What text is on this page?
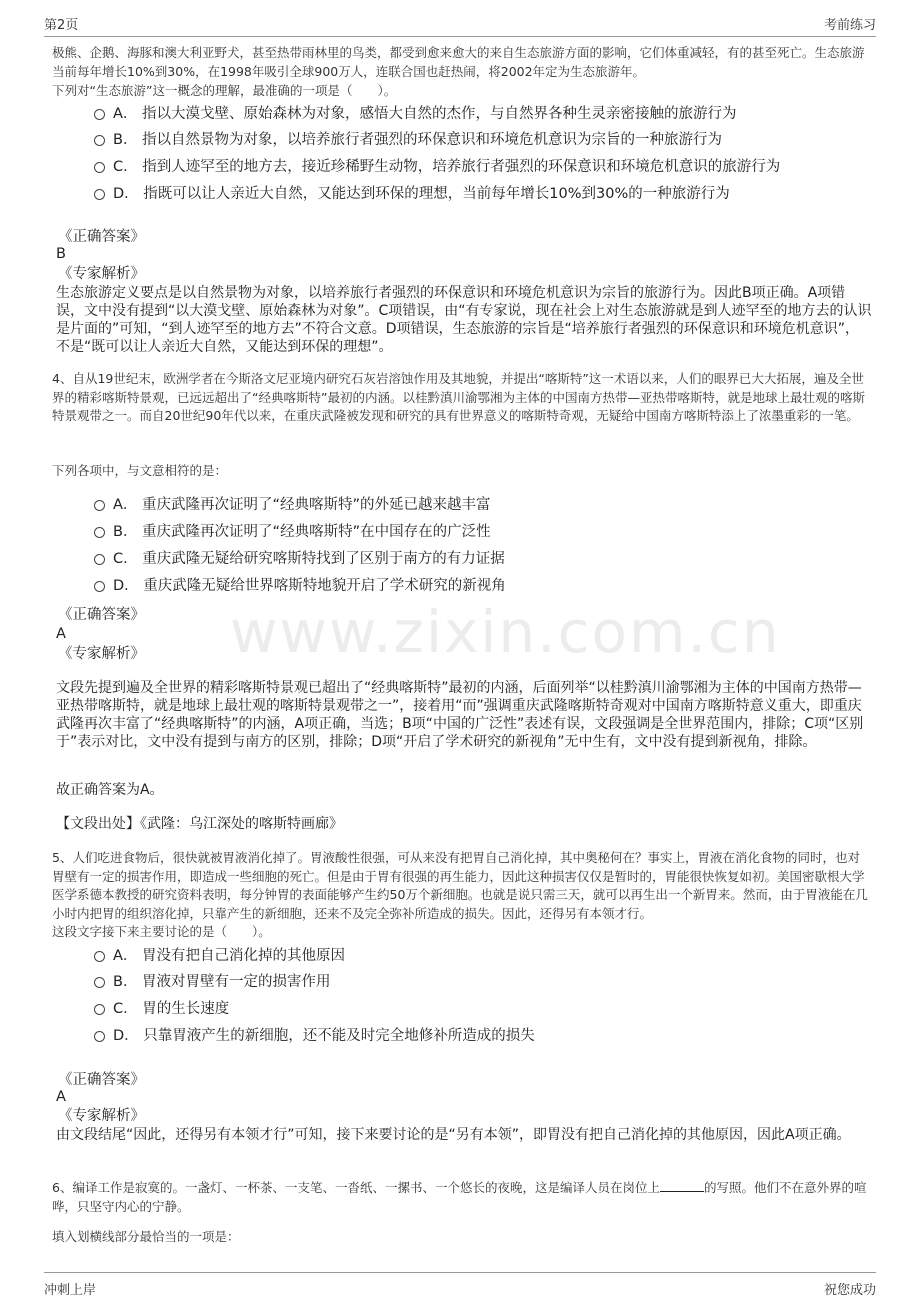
第2页	考前练习
www.zixin.com.cn
极熊、企鹅、海豚和澳大利亚野犬，甚至热带雨林里的鸟类，都受到愈来愈大的来自生态旅游方面的影响，它们体重减轻，有的甚至死亡。生态旅游当前每年增长10%到30%，在1998年吸引全球900万人，连联合国也赶热闹，将2002年定为生态旅游年。
下列对“生态旅游”这一概念的理解，最准确的一项是（　　）。
A． 指以大漠戈壁、原始森林为对象，感悟大自然的杰作，与自然界各种生灵亲密接触的旅游行为
B． 指以自然景物为对象，以培养旅行者强烈的环保意识和环境危机意识为宗旨的一种旅游行为
C． 指到人迹罕至的地方去，接近珍稀野生动物，培养旅行者强烈的环保意识和环境危机意识的旅游行为
D． 指既可以让人亲近大自然，又能达到环保的理想，当前每年增长10%到30%的一种旅游行为
《正确答案》
B
《专家解析》
生态旅游定义要点是以自然景物为对象，以培养旅行者强烈的环保意识和环境危机意识为宗旨的旅游行为。因此B项正确。A项错误，文中没有提到“以大漠戈壁、原始森林为对象”。C项错误，由“有专家说，现在社会上对生态旅游就是到人迹罕至的地方去的认识是片面的”可知，“到人迹罕至的地方去”不符合文意。D项错误，生态旅游的宗旨是“培养旅行者强烈的环保意识和环境危机意识”，不是“既可以让人亲近大自然，又能达到环保的理想”。
4、自从19世纪末，欧洲学者在今斯洛文尼亚境内研究石灰岩溶蚀作用及其地貌，并提出“喀斯特”这一术语以来，人们的眼界已大大拓展，遍及全世界的精彩喀斯特景观，已远远超出了“经典喀斯特”最初的内涵。以桂黔滇川渝鄂湘为主体的中国南方热带—亚热带喀斯特，就是地球上最壮观的喀斯特景观带之一。而自20世纪90年代以来，在重庆武隆被发现和研究的具有世界意义的喀斯特奇观，无疑给中国南方喀斯特添上了浓墨重彩的一笔。
下列各项中，与文意相符的是：
A． 重庆武隆再次证明了“经典喀斯特”的外延已越来越丰富
B． 重庆武隆再次证明了“经典喀斯特”在中国存在的广泛性
C． 重庆武隆无疑给研究喀斯特找到了区别于南方的有力证据
D． 重庆武隆无疑给世界喀斯特地貌开启了学术研究的新视角
《正确答案》
A
《专家解析》
文段先提到遍及全世界的精彩喀斯特景观已超出了“经典喀斯特”最初的内涵，后面列举“以桂黔滇川渝鄂湘为主体的中国南方热带—亚热带喀斯特，就是地球上最壮观的喀斯特景观带之一”，接着用“而”强调重庆武隆喀斯特奇观对中国南方喀斯特意义重大，即重庆武隆再次丰富了“经典喀斯特”的内涵，A项正确，当选；B项“中国的广泛性”表述有误，文段强调是全世界范围内，排除；C项“区别于”表示对比，文中没有提到与南方的区别，排除；D项“开启了学术研究的新视角”无中生有，文中没有提到新视角，排除。
故正确答案为A。
【文段出处】《武隆：乌江深处的喀斯特画廊》
5、人们吃进食物后，很快就被胃液消化掉了。胃液酸性很强，可从来没有把胃自己消化掉，其中奥秘何在？事实上，胃液在消化食物的同时，也对胃壁有一定的损害作用，即造成一些细胞的死亡。但是由于胃有很强的再生能力，因此这种损害仅仅是暂时的，胃能很快恢复如初。美国密歇根大学医学系德本教授的研究资料表明，每分钟胃的表面能够产生约50万个新细胞。也就是说只需三天，就可以再生出一个新胃来。然而，由于胃液能在几小时内把胃的组织溶化掉，只靠产生的新细胞，还来不及完全弥补所造成的损失。因此，还得另有本领才行。
这段文字接下来主要讨论的是（　　）。
A． 胃没有把自己消化掉的其他原因
B． 胃液对胃壁有一定的损害作用
C． 胃的生长速度
D． 只靠胃液产生的新细胞，还不能及时完全地修补所造成的损失
《正确答案》
A
《专家解析》
由文段结尾“因此，还得另有本领才行”可知，接下来要讨论的是“另有本领”，即胃没有把自己消化掉的其他原因，因此A项正确。
6、编译工作是寂寞的。一盏灯、一杯茶、一支笔、一沓纸、一摞书、一个悠长的夜晚，这是编译人员在岗位上	的写照。他们不在意外界的喧哗，只坚守内心的宁静。
填入划横线部分最恰当的一项是：
冲刺上岸	祝您成功
